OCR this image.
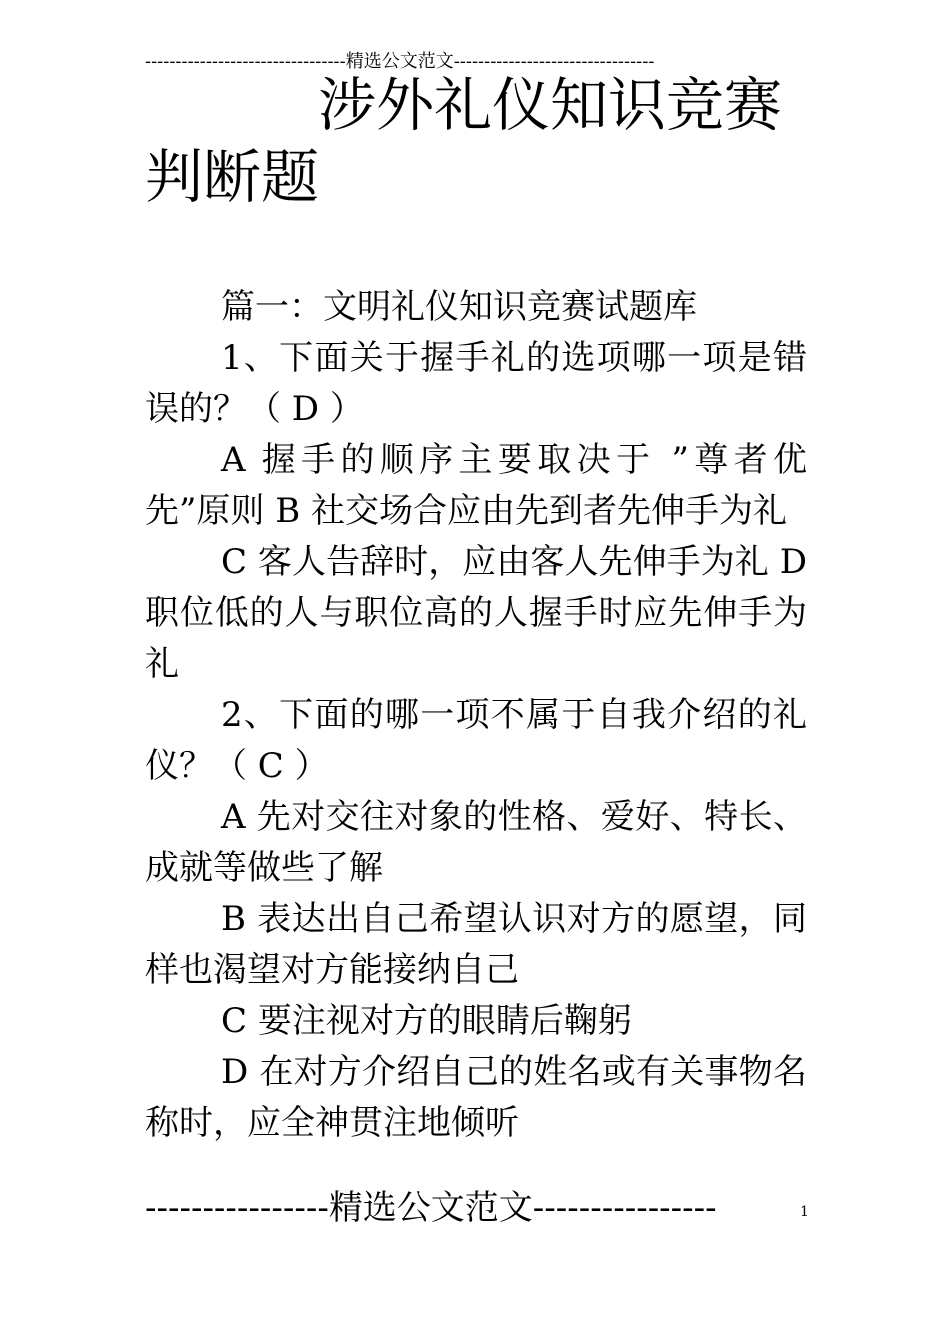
---------------------------------精选公文范文---------------------------------
涉外礼仪知识竞赛
判断题

篇一：文明礼仪知识竞赛试题库

1、下面关于握手礼的选项哪一项是错误的？（ D ）

A 握手的顺序主要取决于 ”尊者优先”原则 B 社交场合应由先到者先伸手为礼

C 客人告辞时，应由客人先伸手为礼 D 职位低的人与职位高的人握手时应先伸手为礼

2、下面的哪一项不属于自我介绍的礼仪？（ C ）

A 先对交往对象的性格、爱好、特长、成就等做些了解

B 表达出自己希望认识对方的愿望，同样也渴望对方能接纳自己

C 要注视对方的眼睛后鞠躬

D 在对方介绍自己的姓名或有关事物名称时，应全神贯注地倾听

----------------精选公文范文----------------	1
